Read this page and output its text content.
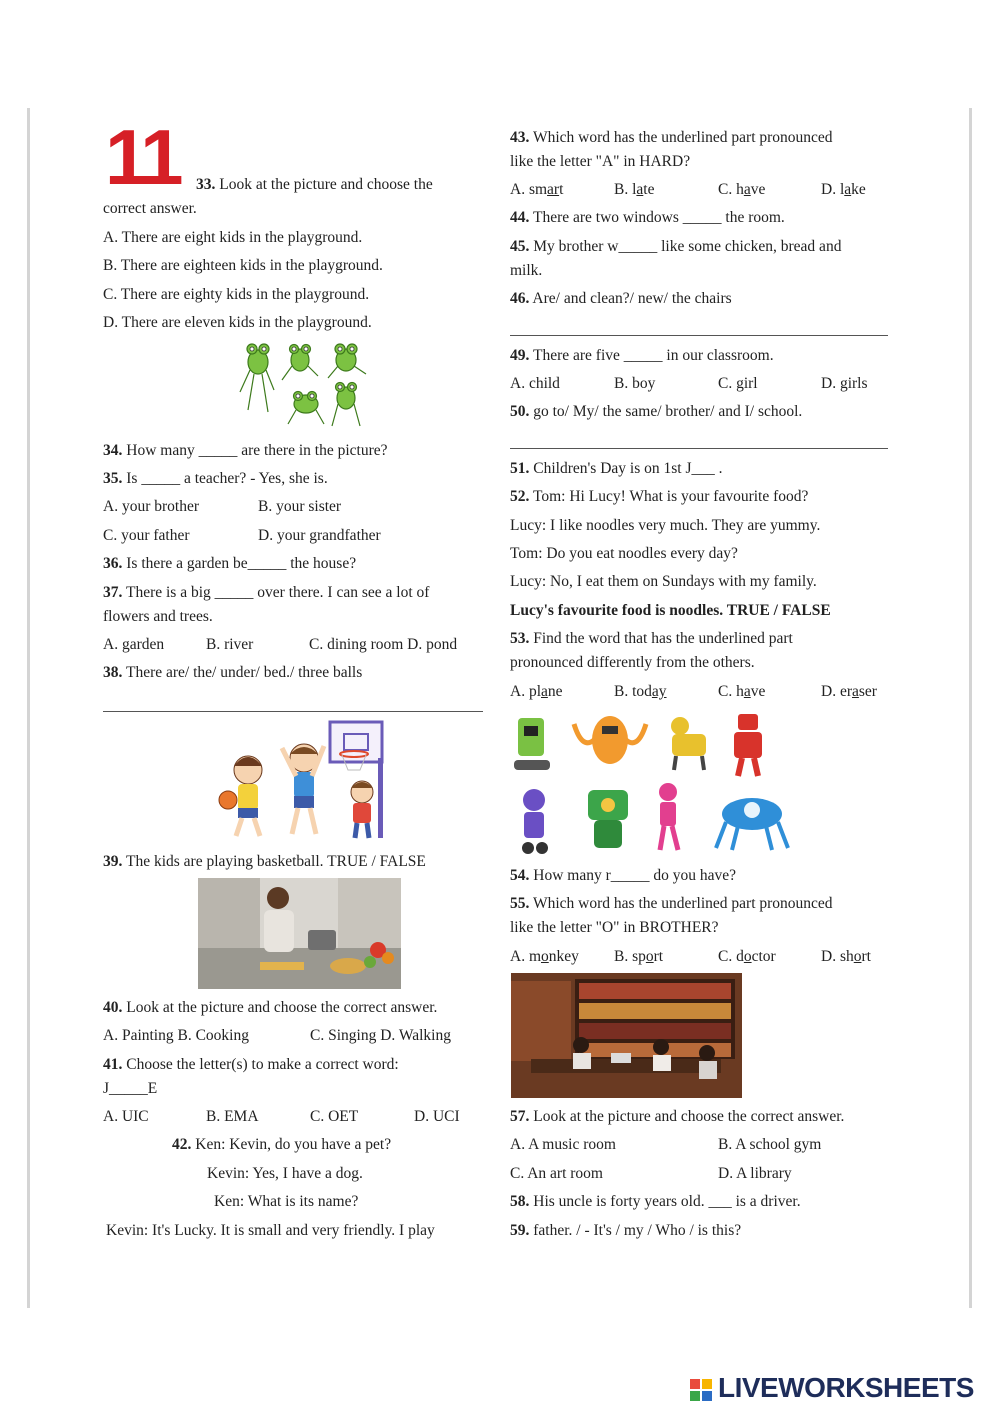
11 33. Look at the picture and choose the
correct answer.
A. There are eight kids in the playground.
B. There are eighteen kids in the playground.
C. There are eighty kids in the playground.
D. There are eleven kids in the playground.
34. How many _____ are there in the picture?
35. Is _____ a teacher? - Yes, she is.
A. your brother	B. your sister
C. your father	D. your grandfather
36. Is there a garden be_____ the house?
37. There is a big _____ over there. I can see a lot of
flowers and trees.
A. garden	B. river	C. dining room D. pond
38. There are/ the/ under/ bed./ three balls
39. The kids are playing basketball. TRUE / FALSE
40. Look at the picture and choose the correct answer.
A. Painting B. Cooking	C. Singing D. Walking
41. Choose the letter(s) to make a correct word:
J_____E
A. UIC	B. EMA	C. OET	D. UCI
42. Ken: Kevin, do you have a pet?
Kevin: Yes, I have a dog.
Ken: What is its name?
Kevin: It's Lucky. It is small and very friendly. I play
43. Which word has the underlined part pronounced
like the letter "A" in HARD?
A. smart	B. late	C. have	D. lake
44. There are two windows _____ the room.
45. My brother w_____ like some chicken, bread and
milk.
46. Are/ and clean?/ new/ the chairs
49. There are five _____ in our classroom.
A. child	B. boy	C. girl	D. girls
50. go to/ My/ the same/ brother/ and I/ school.
51. Children's Day is on 1st J___ .
52. Tom: Hi Lucy! What is your favourite food?
Lucy: I like noodles very much. They are yummy.
Tom: Do you eat noodles every day?
Lucy: No, I eat them on Sundays with my family.
Lucy's favourite food is noodles. TRUE / FALSE
53. Find the word that has the underlined part
pronounced differently from the others.
A. plane	B. today	C. have	D. eraser
54. How many r_____ do you have?
55. Which word has the underlined part pronounced
like the letter "O" in BROTHER?
A. monkey B. sport	C. doctor	D. short
57. Look at the picture and choose the correct answer.
A. A music room	B. A school gym
C. An art room	D. A library
58. His uncle is forty years old. ___ is a driver.
59. father. / - It's / my / Who / is this?
LIVEWORKSHEETS
